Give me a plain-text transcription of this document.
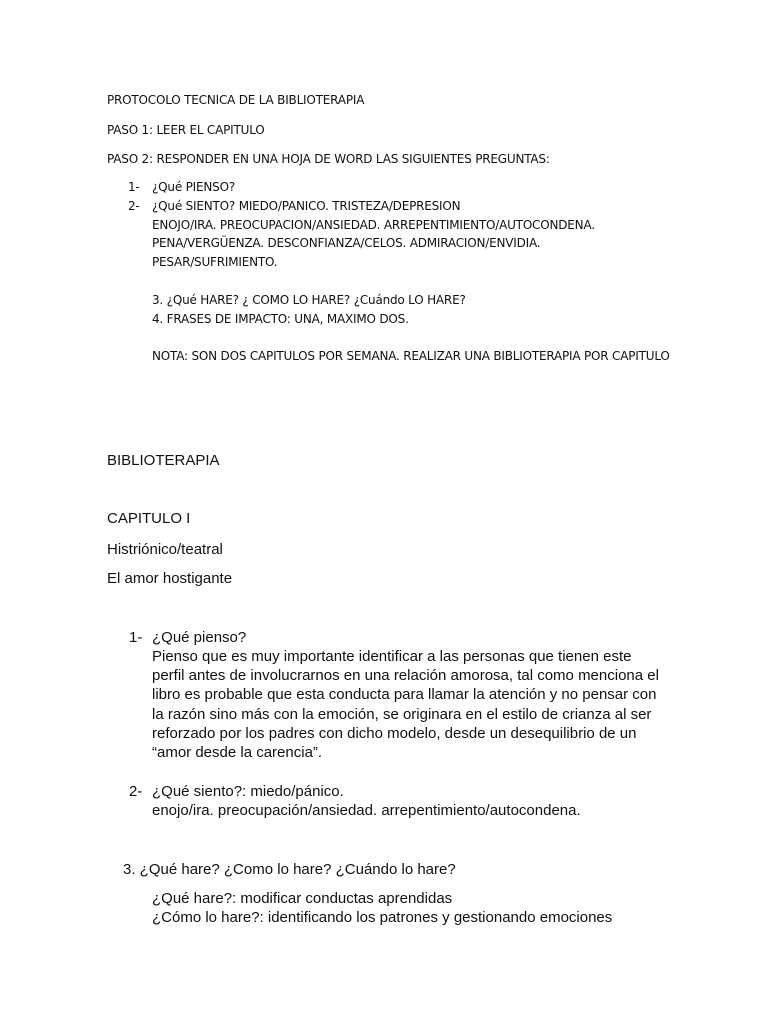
PROTOCOLO TECNICA DE LA BIBLIOTERAPIA
PASO 1: LEER EL CAPITULO
PASO 2: RESPONDER EN UNA HOJA DE WORD LAS SIGUIENTES PREGUNTAS:
1- ¿Qué PIENSO?
2- ¿Qué SIENTO? MIEDO/PANICO. TRISTEZA/DEPRESION
ENOJO/IRA. PREOCUPACION/ANSIEDAD. ARREPENTIMIENTO/AUTOCONDENA.
PENA/VERGÜENZA. DESCONFIANZA/CELOS. ADMIRACION/ENVIDIA.
PESAR/SUFRIMIENTO.
3. ¿Qué HARE? ¿ COMO LO HARE? ¿Cuándo LO HARE?
4. FRASES DE IMPACTO: UNA, MAXIMO DOS.
NOTA: SON DOS CAPITULOS POR SEMANA. REALIZAR UNA BIBLIOTERAPIA POR CAPITULO
BIBLIOTERAPIA
CAPITULO I
Histriónico/teatral
El amor hostigante
1- ¿Qué pienso?
Pienso que es muy importante identificar a las personas que tienen este
perfil antes de involucrarnos en una relación amorosa, tal como menciona el
libro es probable que esta conducta para llamar la atención y no pensar con
la razón sino más con la emoción, se originara en el estilo de crianza al ser
reforzado por los padres con dicho modelo, desde un desequilibrio de un
“amor desde la carencia”.
2- ¿Qué siento?: miedo/pánico.
enojo/ira. preocupación/ansiedad. arrepentimiento/autocondena.
3. ¿Qué hare? ¿Como lo hare? ¿Cuándo lo hare?
¿Qué hare?: modificar conductas aprendidas
¿Cómo lo hare?: identificando los patrones y gestionando emociones
